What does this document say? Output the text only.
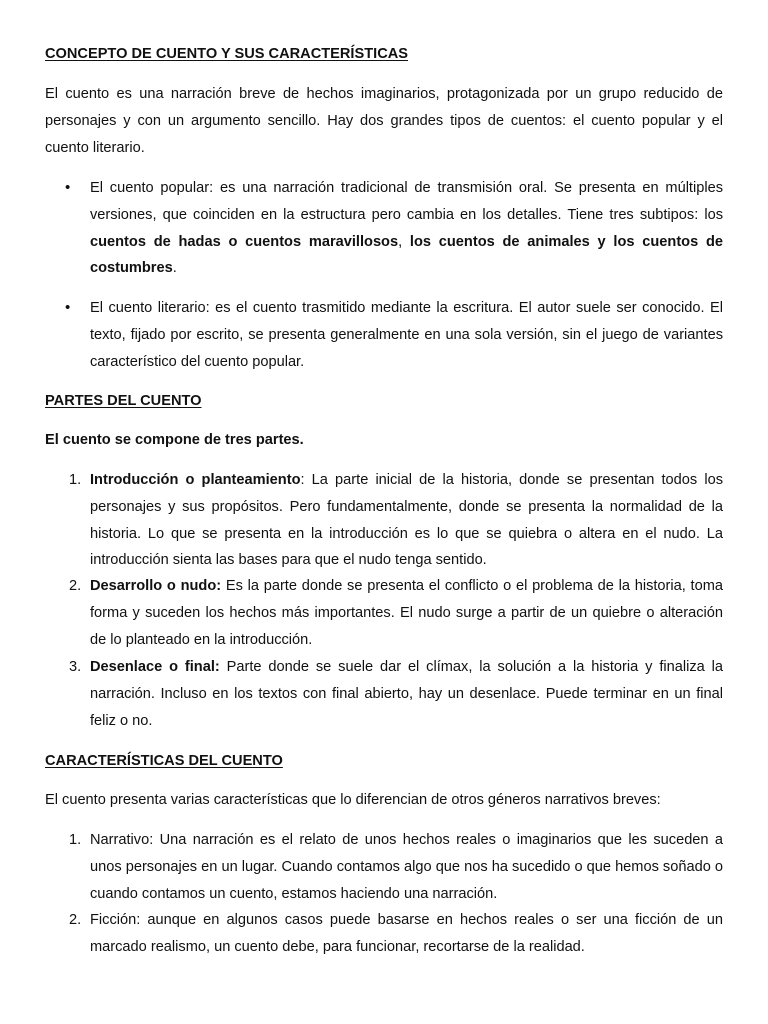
CONCEPTO DE CUENTO Y SUS CARACTERÍSTICAS
El cuento es una narración breve de hechos imaginarios, protagonizada por un grupo reducido de personajes y con un argumento sencillo. Hay dos grandes tipos de cuentos: el cuento popular y el cuento literario.
•	El cuento popular: es una narración tradicional de transmisión oral. Se presenta en múltiples versiones, que coinciden en la estructura pero cambia en los detalles. Tiene tres subtipos: los cuentos de hadas o cuentos maravillosos, los cuentos de animales y los cuentos de costumbres.
•	El cuento literario: es el cuento trasmitido mediante la escritura. El autor suele ser conocido. El texto, fijado por escrito, se presenta generalmente en una sola versión, sin el juego de variantes característico del cuento popular.
PARTES DEL CUENTO
El cuento se compone de tres partes.
1. Introducción o planteamiento: La parte inicial de la historia, donde se presentan todos los personajes y sus propósitos. Pero fundamentalmente, donde se presenta la normalidad de la historia. Lo que se presenta en la introducción es lo que se quiebra o altera en el nudo. La introducción sienta las bases para que el nudo tenga sentido.
2. Desarrollo o nudo: Es la parte donde se presenta el conflicto o el problema de la historia, toma forma y suceden los hechos más importantes. El nudo surge a partir de un quiebre o alteración de lo planteado en la introducción.
3. Desenlace o final: Parte donde se suele dar el clímax, la solución a la historia y finaliza la narración. Incluso en los textos con final abierto, hay un desenlace. Puede terminar en un final feliz o no.
CARACTERÍSTICAS DEL CUENTO
El cuento presenta varias características que lo diferencian de otros géneros narrativos breves:
1. Narrativo: Una narración es el relato de unos hechos reales o imaginarios que les suceden a unos personajes en un lugar. Cuando contamos algo que nos ha sucedido o que hemos soñado o cuando contamos un cuento, estamos haciendo una narración.
2. Ficción: aunque en algunos casos puede basarse en hechos reales o ser una ficción de un marcado realismo, un cuento debe, para funcionar, recortarse de la realidad.
